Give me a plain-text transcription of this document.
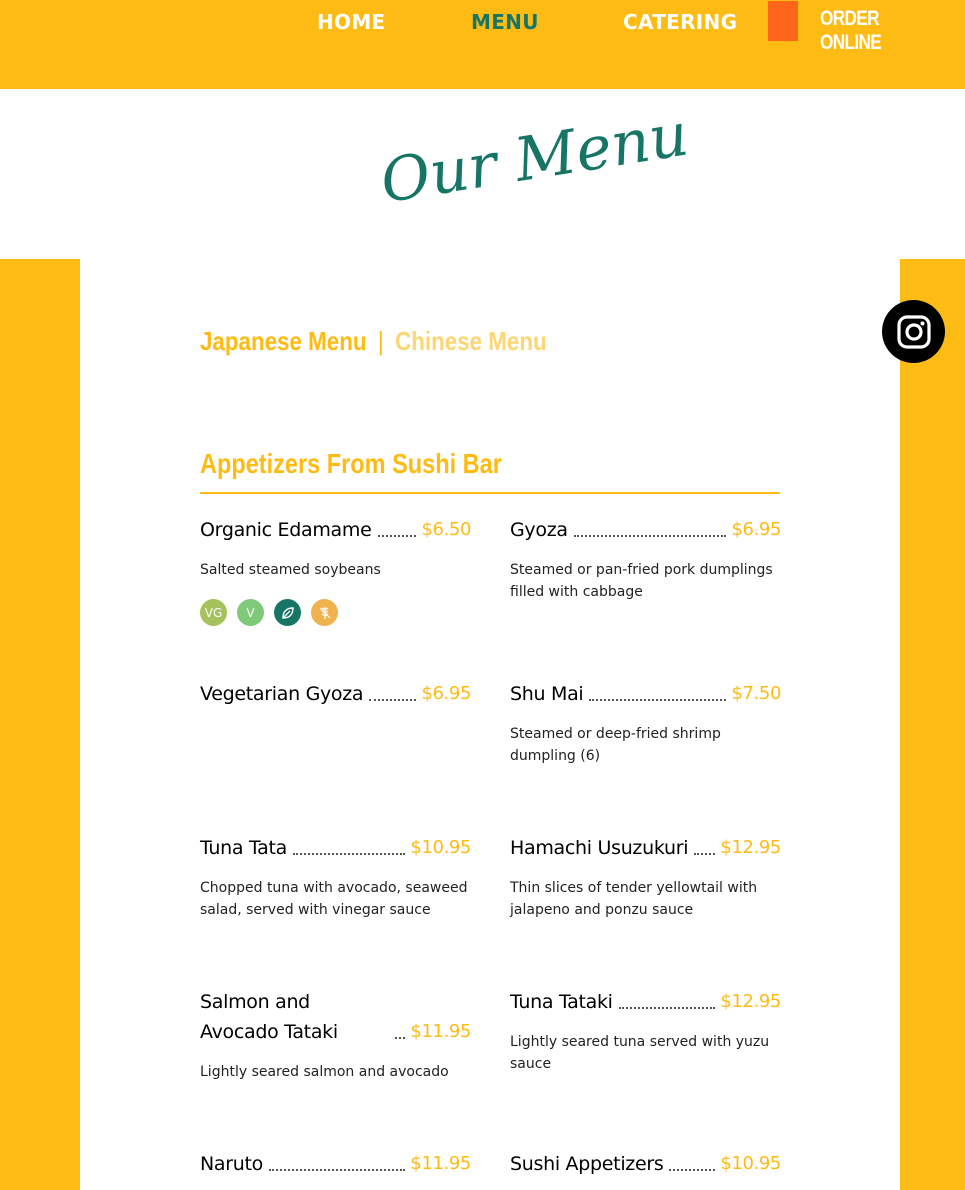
HOME	MENU	CATERING	ORDER ONLINE
Our Menu
Japanese Menu | Chinese Menu
Appetizers From Sushi Bar
Organic Edamame	$6.50
Salted steamed soybeans
VG	V
Gyoza	$6.95
Steamed or pan-fried pork dumplings filled with cabbage
Vegetarian Gyoza	$6.95 Shu Mai	$7.50
Steamed or deep-fried shrimp dumpling (6)
Tuna Tata	$10.95
Chopped tuna with avocado, seaweed salad, served with vinegar sauce
Hamachi Usuzukuri $12.95
Thin slices of tender yellowtail with jalapeno and ponzu sauce
Salmon and Avocado Tataki	$11.95
Lightly seared salmon and avocado
Tuna Tataki	$12.95
Lightly seared tuna served with yuzu sauce
Naruto	$11.95 Sushi Appetizers	$10.95
